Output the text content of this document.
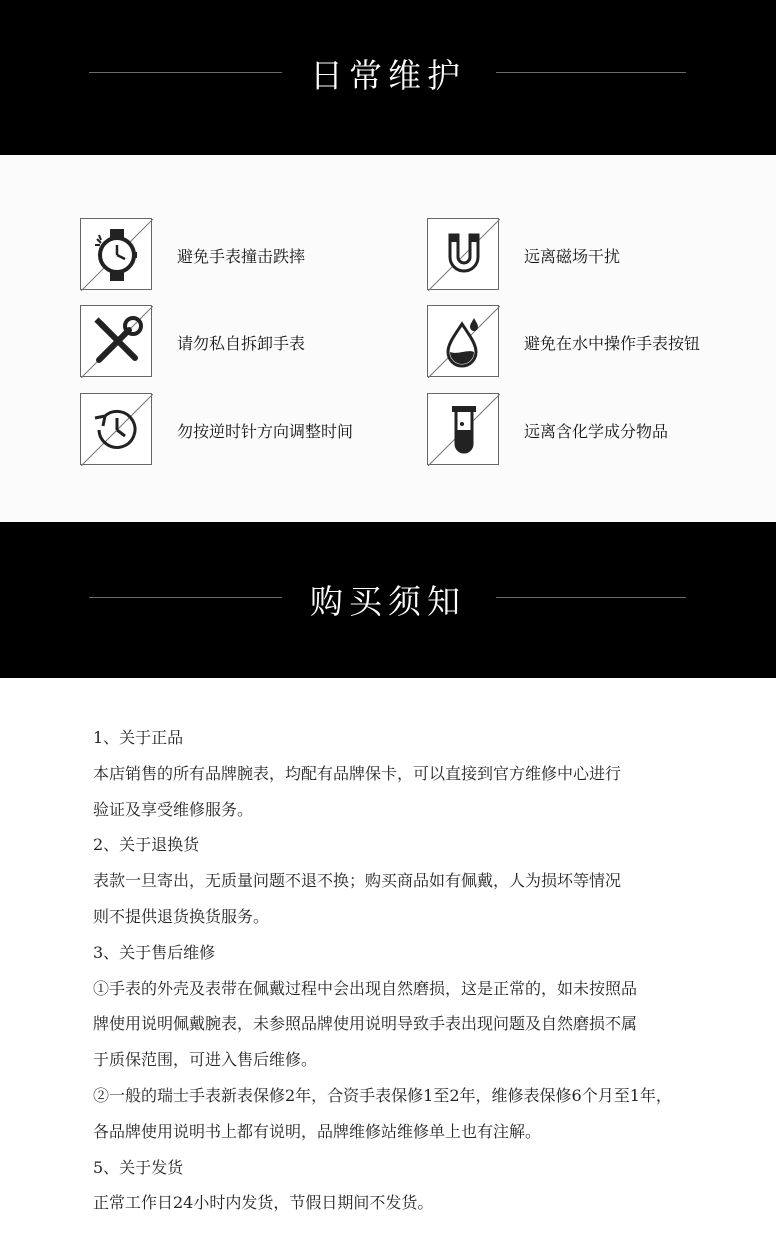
日常维护
避免手表撞击跌摔	远离磁场干扰
请勿私自拆卸手表	避免在水中操作手表按钮
勿按逆时针方向调整时间	远离含化学成分物品
购买须知

1、关于正品

本店销售的所有品牌腕表，均配有品牌保卡，可以直接到官方维修中心进行

验证及享受维修服务。

2、关于退换货

表款一旦寄出，无质量问题不退不换；购买商品如有佩戴，人为损坏等情况

则不提供退货换货服务。

3、关于售后维修

①手表的外壳及表带在佩戴过程中会出现自然磨损，这是正常的，如未按照品

牌使用说明佩戴腕表，未参照品牌使用说明导致手表出现问题及自然磨损不属

于质保范围，可进入售后维修。

②一般的瑞士手表新表保修2年，合资手表保修1至2年，维修表保修6个月至1年，

各品牌使用说明书上都有说明，品牌维修站维修单上也有注解。

5、关于发货

正常工作日24小时内发货，节假日期间不发货。
